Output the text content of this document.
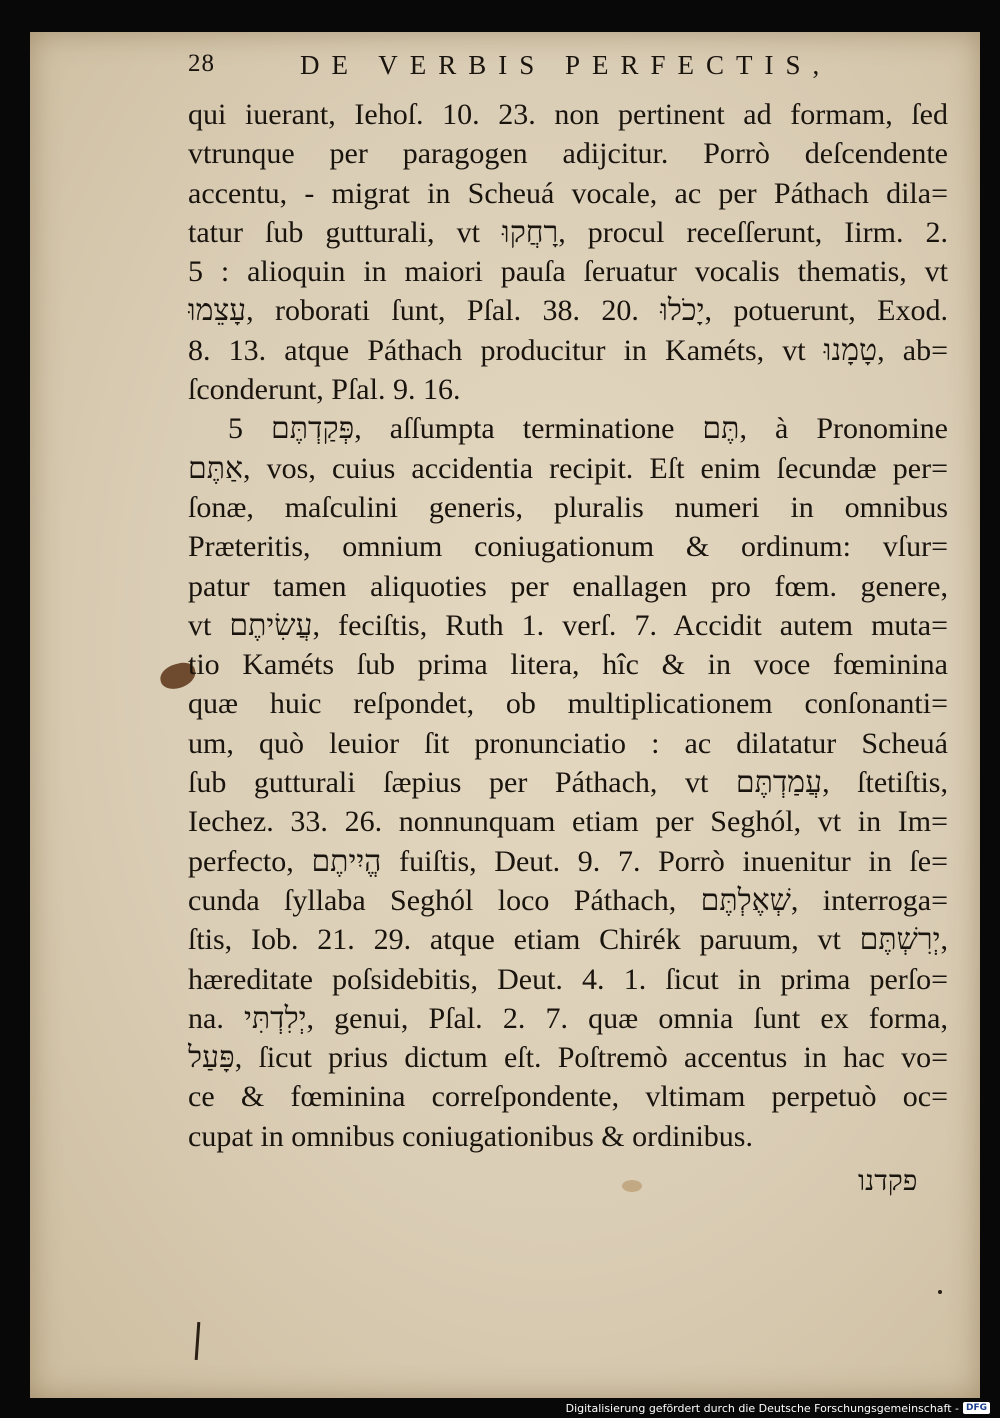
28	DE VERBIS PERFECTIS,
qui iuerant, Iehoſ. 10. 23. non pertinent ad formam, ſed
vtrunque per paragogen adijcitur. Porrò deſcendente
accentu, - migrat in Scheuá vocale, ac per Páthach dila=
tatur ſub gutturali, vt רָחֲקוּ, procul receſſerunt, Iirm. 2.
5 : alioquin in maiori pauſa ſeruatur vocalis thematis, vt
עָצֵמוּ, roborati ſunt, Pſal. 38. 20. יָכֹלוּ, potuerunt, Exod.
8. 13. atque Páthach producitur in Kaméts, vt טָמָנוּ, ab=
ſconderunt, Pſal. 9. 16.
5 פְּקַדְתֶּם, aſſumpta terminatione תֶּם, à Pronomine
אַתֶּם, vos, cuius accidentia recipit. Eſt enim ſecundæ per=
ſonæ, maſculini generis, pluralis numeri in omnibus
Præteritis, omnium coniugationum & ordinum: vſur=
patur tamen aliquoties per enallagen pro fœm. genere,
vt עֲשִׂיתֶם, feciſtis, Ruth 1. verſ. 7. Accidit autem muta=
tio Kaméts ſub prima litera, hîc & in voce fœminina
quæ huic reſpondet, ob multiplicationem conſonanti=
um, quò leuior ſit pronunciatio : ac dilatatur Scheuá
ſub gutturali ſæpius per Páthach, vt עֲמַדְתֶּם, ſtetiſtis,
Iechez. 33. 26. nonnunquam etiam per Seghól, vt in Im=
perfecto, הֱיִיתֶם fuiſtis, Deut. 9. 7. Porrò inuenitur in ſe=
cunda ſyllaba Seghól loco Páthach, שְׁאֶלְתֶּם, interroga=
ſtis, Iob. 21. 29. atque etiam Chirék paruum, vt יְרִשְׁתֶּם,
hæreditate poſsidebitis, Deut. 4. 1. ſicut in prima perſo=
na. יְלִדְתִּי, genui, Pſal. 2. 7. quæ omnia ſunt ex forma,
פָּעַל, ſicut prius dictum eſt. Poſtremò accentus in hac vo=
ce & fœminina correſpondente, vltimam perpetuò oc=
cupat in omnibus coniugationibus & ordinibus.
פקדנו
Digitalisierung gefördert durch die Deutsche Forschungsgemeinschaft - DFG
